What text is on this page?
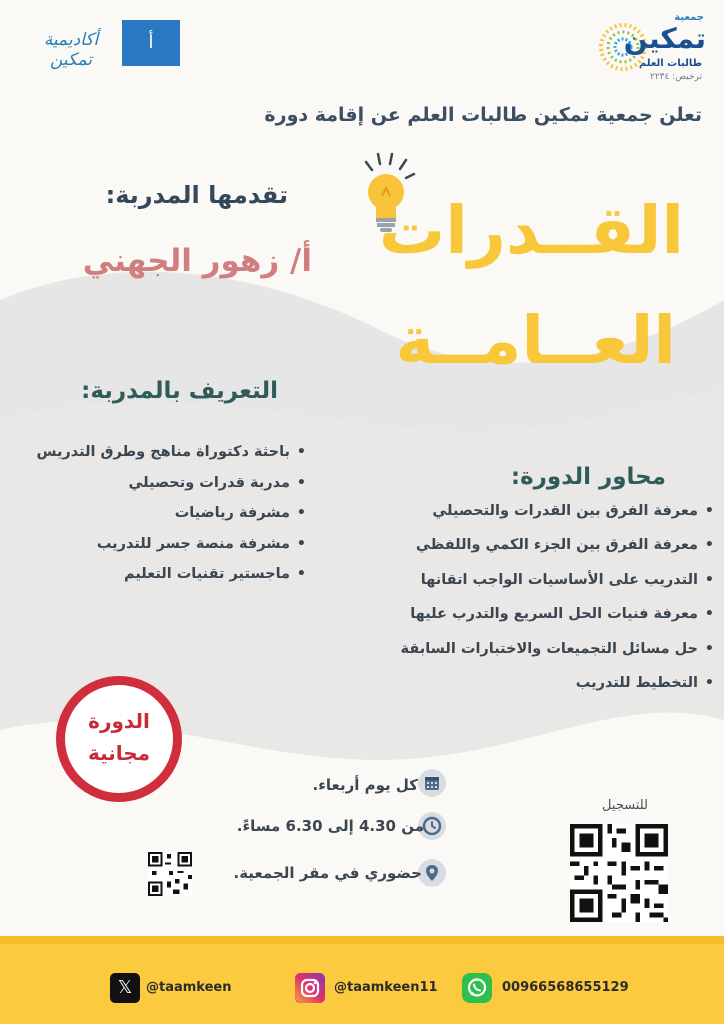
أكاديمية تمكين
أ
جمعية
تمكين
طالبات العلم
ترخيص: ٢٢٣٤
تعلن جمعية تمكين طالبات العلم عن إقامة دورة
تقدمها المدربة:
أ/ زهور الجهني القــدرات
العــامــة
التعريف بالمدربة:
• باحثة دكتوراة مناهج وطرق التدريس
• مدربة قدرات وتحصيلي
• مشرفة رياضيات
• مشرفة منصة جسر للتدريب
• ماجستير تقنيات التعليم
محاور الدورة:
• معرفة الفرق بين القدرات والتحصيلي
• معرفة الفرق بين الجزء الكمي واللفظي
• التدريب على الأساسيات الواجب اتقانها
• معرفة فنيات الحل السريع والتدرب عليها
• حل مسائل التجميعات والاختبارات السابقة
• التخطيط للتدريب
الدورة
مجانية
كل يوم أربعاء.
من 4.30 إلى 6.30 مساءً.
حضوري في مقر الجمعية.
للتسجيل
𝕏	@taamkeen	@taamkeen11	00966568655129
